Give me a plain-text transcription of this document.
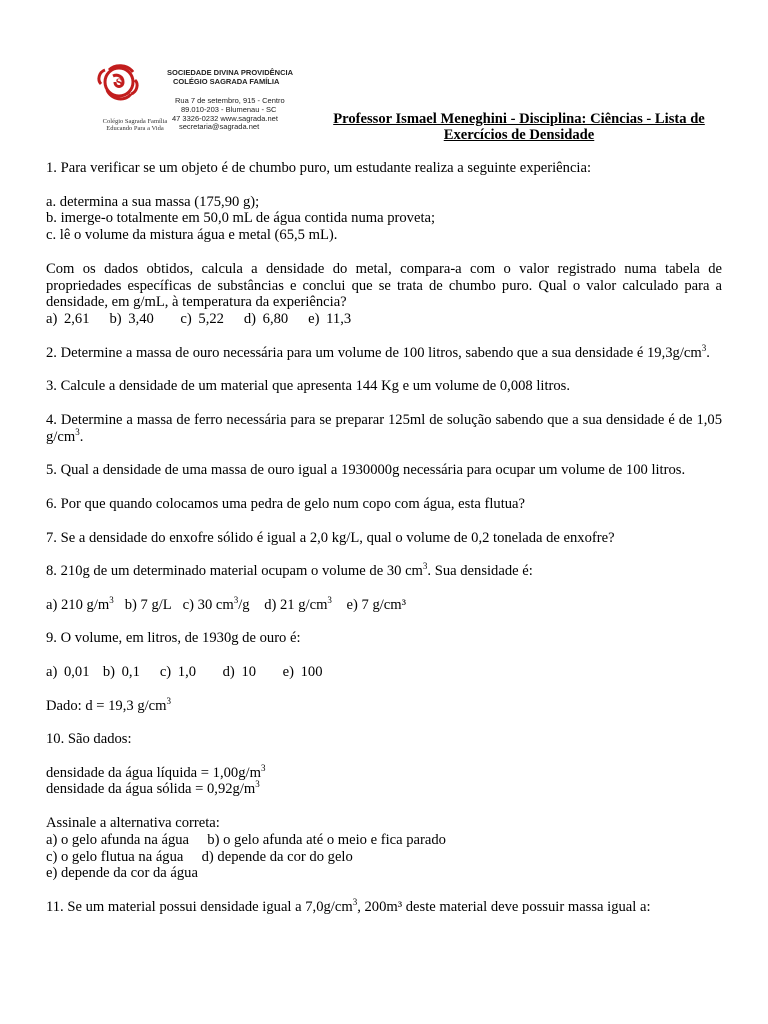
S
Colégio Sagrada Família
Educando Para a Vida
SOCIEDADE DIVINA PROVIDÊNCIA
COLÉGIO SAGRADA FAMÍLIA
Rua 7 de setembro, 915 - Centro
89.010-203 - Blumenau - SC
47 3326-0232 www.sagrada.net
secretaria@sagrada.net	Professor Ismael Meneghini - Disciplina: Ciências - Lista de
Exercícios de Densidade

1. Para verificar se um objeto é de chumbo puro, um estudante realiza a seguinte experiência:

a. determina a sua massa (175,90 g);

b. imerge-o totalmente em 50,0 mL de água contida numa proveta;

c. lê o volume da mistura água e metal (65,5 mL).

Com os dados obtidos, calcula a densidade do metal, compara-a com o valor registrado numa tabela de propriedades específicas de substâncias e conclui que se trata de chumbo puro. Qual o valor calculado para a densidade, em g/mL, à temperatura da experiência?

a) 2,61   b) 3,40    c) 5,22   d) 6,80   e) 11,3

2. Determine a massa de ouro necessária para um volume de 100 litros, sabendo que a sua densidade é $19,3g/cm^3$.

3. Calcule a densidade de um material que apresenta 144 Kg e um volume de 0,008 litros.

4. Determine a massa de ferro necessária para se preparar 125ml de solução sabendo que a sua densidade é de 1,05 $g/cm^3$.

5. Qual a densidade de uma massa de ouro igual a 1930000g necessária para ocupar um volume de 100 litros.

6. Por que quando colocamos uma pedra de gelo num copo com água, esta flutua?

7. Se a densidade do enxofre sólido é igual a 2,0 kg/L, qual o volume de 0,2 tonelada de enxofre?

8. 210g de um determinado material ocupam o volume de 30 $cm^3$. Sua densidade é:

a) 210 $g/m^3$ b) 7 g/L c) 30 $cm^3/g$ d) 21 $g/cm^3$ e) 7 g/cm³

9. O volume, em litros, de 1930g de ouro é:

a) 0,01  b) 0,1   c) 1,0    d) 10    e) 100

Dado: d = 19,3 $g/cm^3$

10. São dados:

densidade da água líquida = $1,00g/m^3$

densidade da água sólida = $0,92g/m^3$

Assinale a alternativa correta:

a) o gelo afunda na água b) o gelo afunda até o meio e fica parado

c) o gelo flutua na água d) depende da cor do gelo

e) depende da cor da água

11. Se um material possui densidade igual a $7,0g/cm^3$, 200m³ deste material deve possuir massa igual a:
